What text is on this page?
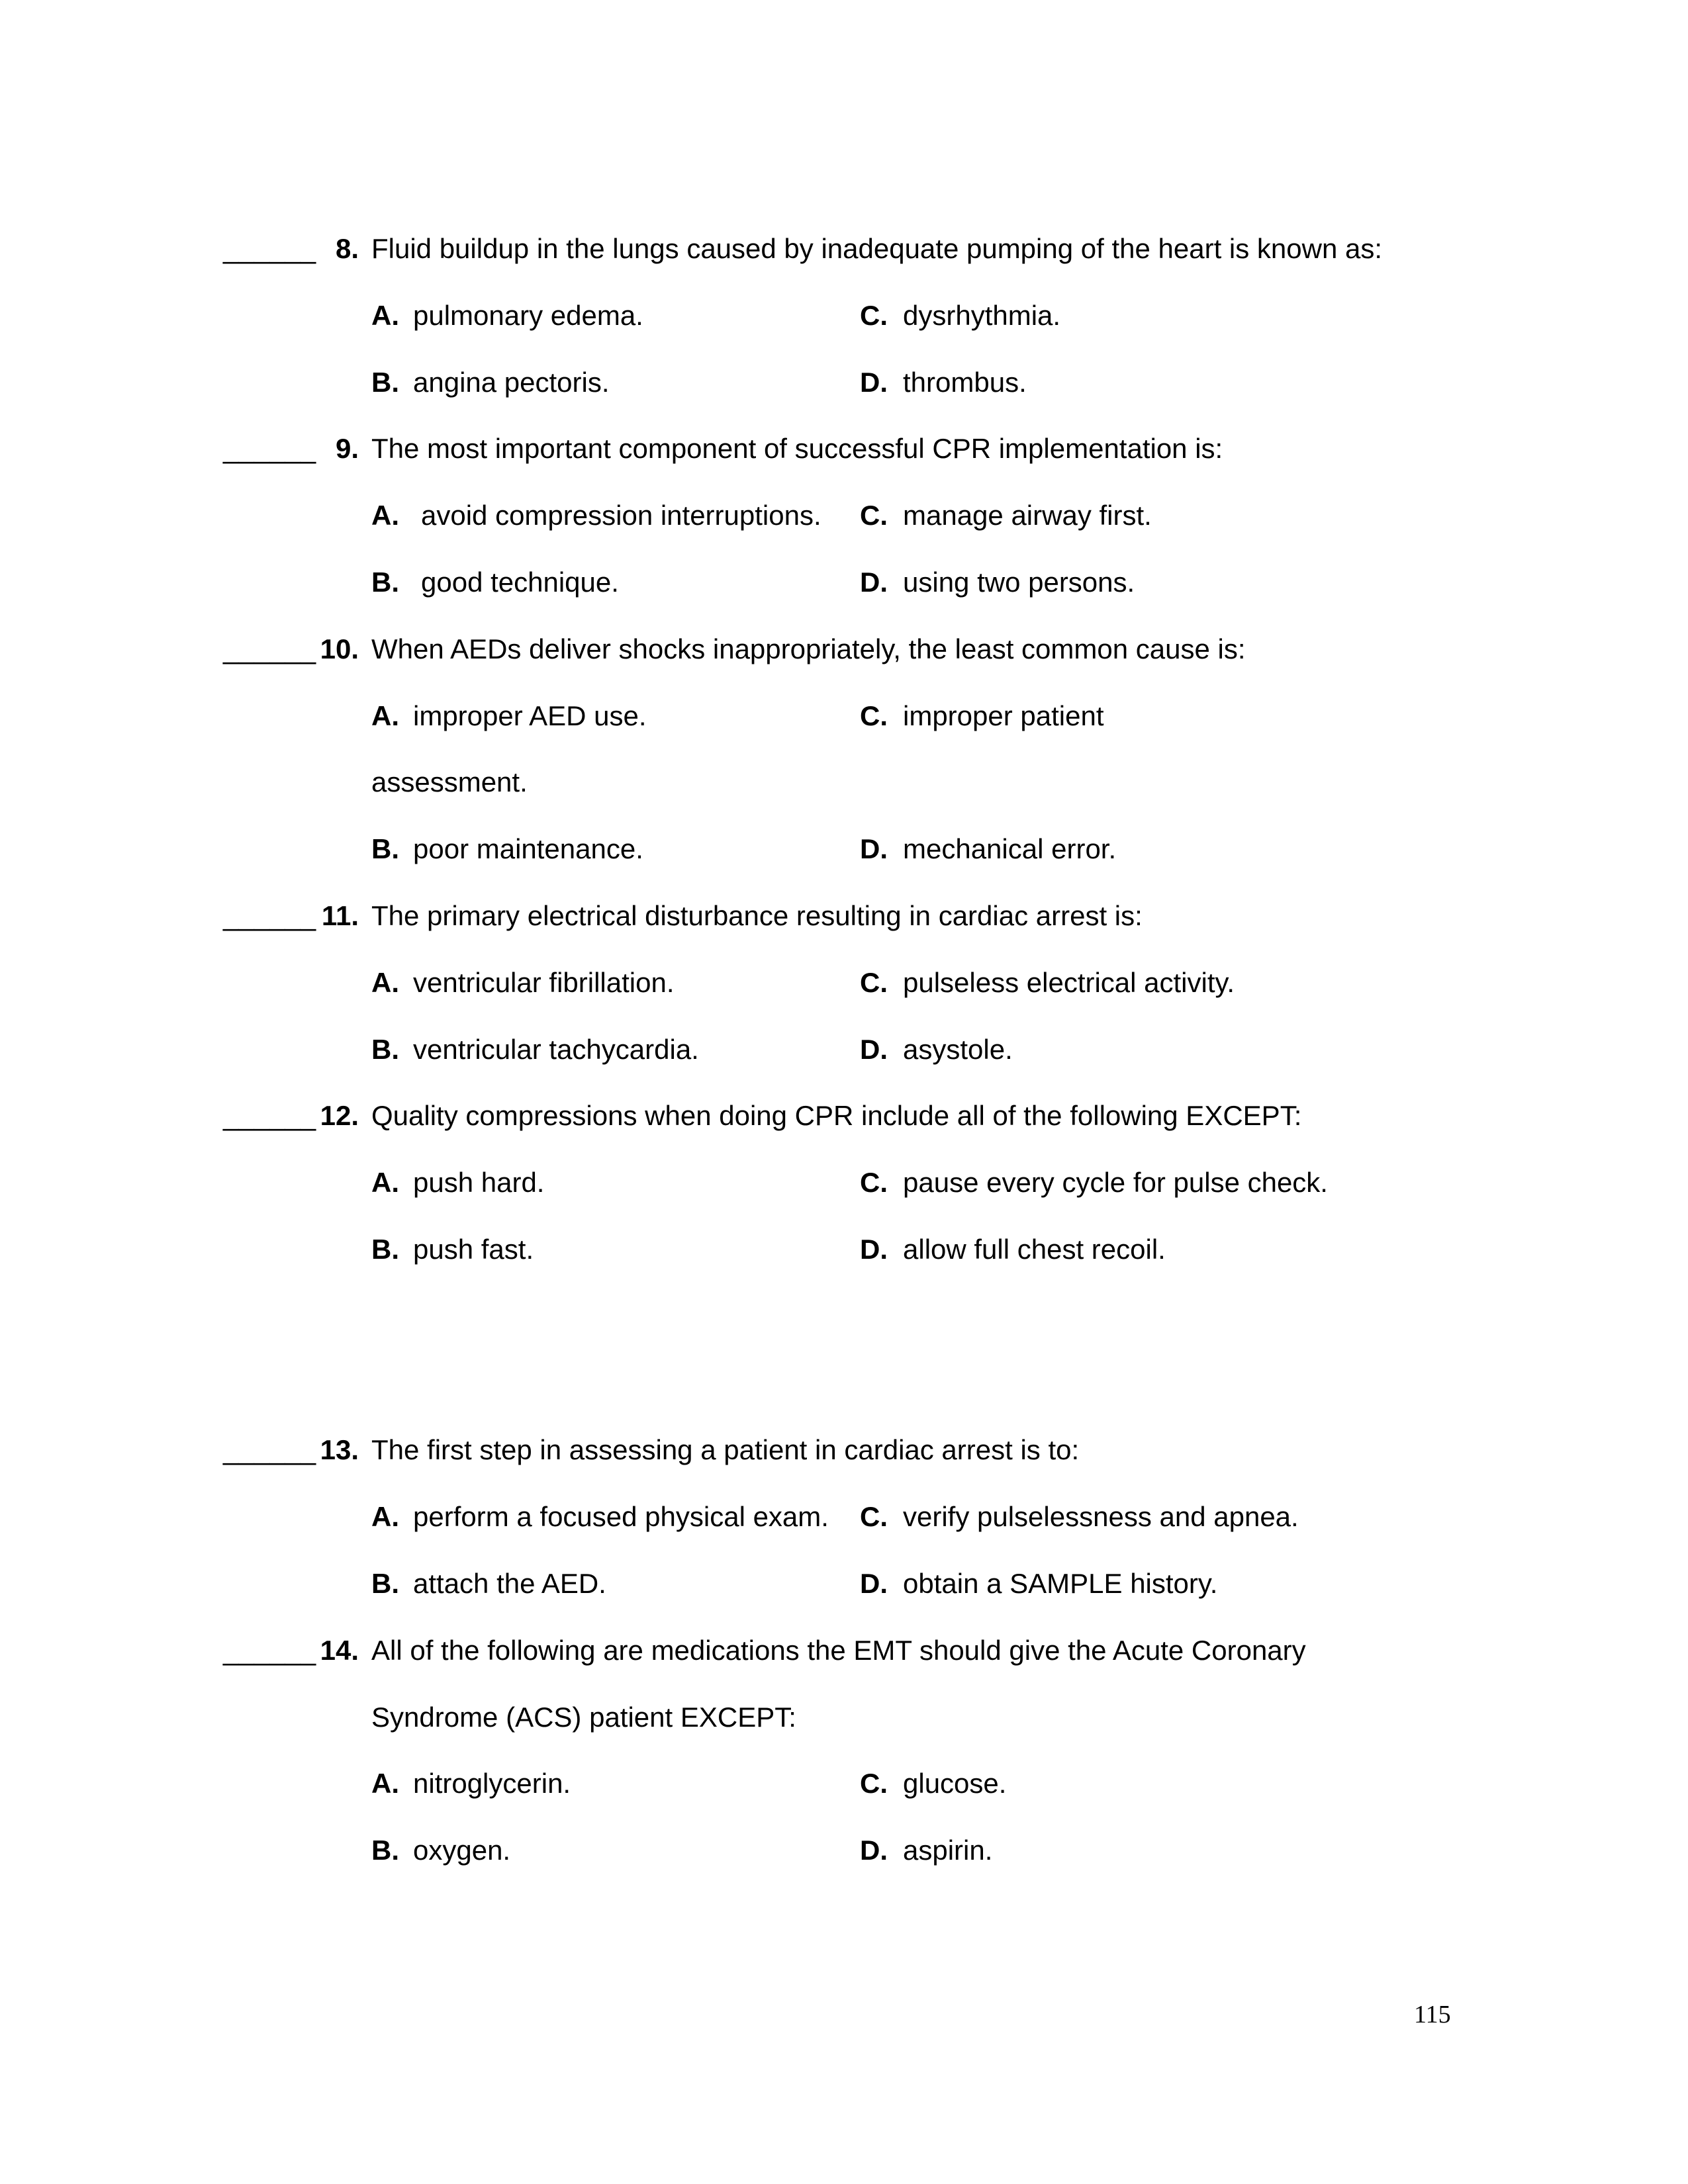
______ 8. Fluid buildup in the lungs caused by inadequate pumping of the heart is known as:
A. pulmonary edema.	C. dysrhythmia.
B. angina pectoris.	D. thrombus.
______ 9. The most important component of successful CPR implementation is:
A. avoid compression interruptions. C. manage airway first.
B. good technique.	D. using two persons.
______ 10. When AEDs deliver shocks inappropriately, the least common cause is:
A. improper AED use.	C. improper patient
assessment.
B. poor maintenance.	D. mechanical error.
______ 11. The primary electrical disturbance resulting in cardiac arrest is:
A. ventricular fibrillation.	C. pulseless electrical activity.
B. ventricular tachycardia.	D. asystole.
______ 12. Quality compressions when doing CPR include all of the following EXCEPT:
A. push hard.	C. pause every cycle for pulse check.
B. push fast.	D. allow full chest recoil.
______ 13. The first step in assessing a patient in cardiac arrest is to:
A. perform a focused physical exam. C. verify pulselessness and apnea.
B. attach the AED.	D. obtain a SAMPLE history.
______ 14. All of the following are medications the EMT should give the Acute Coronary
Syndrome (ACS) patient EXCEPT:
A. nitroglycerin.	C. glucose.
B. oxygen.	D. aspirin.
115
